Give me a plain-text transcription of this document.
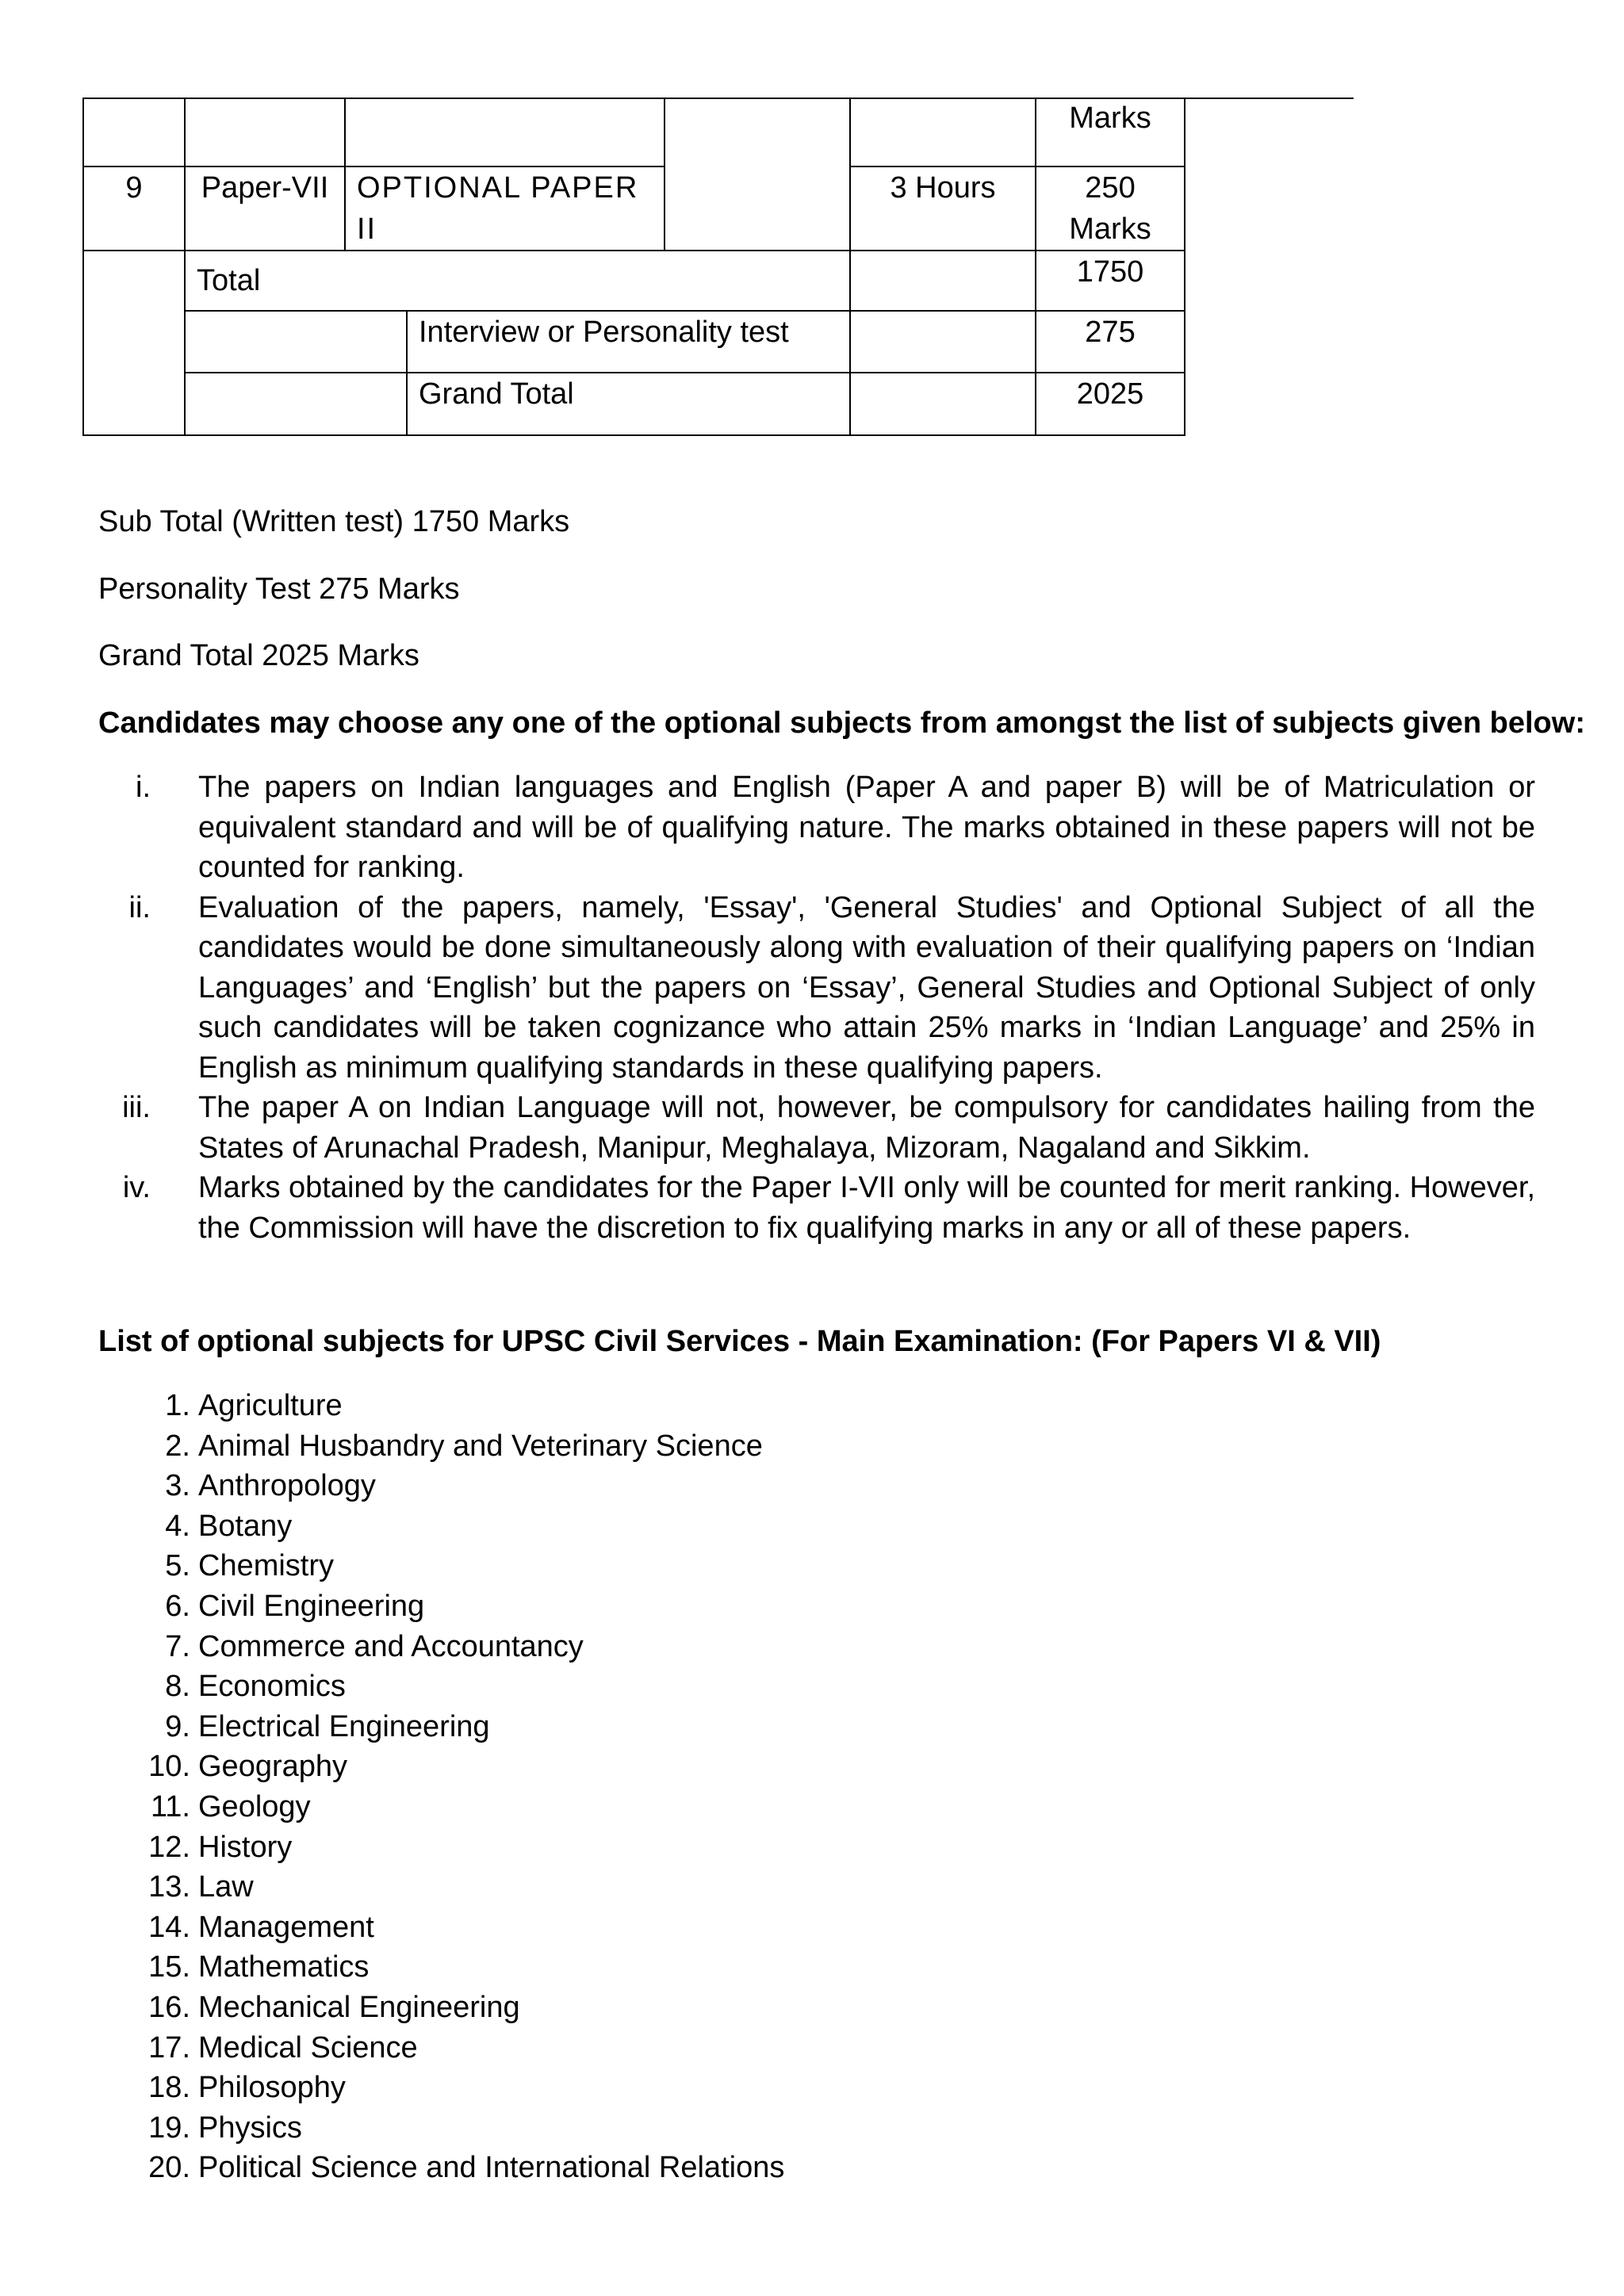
						Marks
9	Paper-VII	OPTIONAL PAPER II			3 Hours	250 Marks
	Total					1750
			Interview or Personality test			275
			Grand Total			2025
Sub Total (Written test) 1750 Marks
Personality Test 275 Marks
Grand Total 2025 Marks
Candidates may choose any one of the optional subjects from amongst the list of subjects given below:
i. The papers on Indian languages and English (Paper A and paper B) will be of Matriculation or equivalent standard and will be of qualifying nature. The marks obtained in these papers will not be counted for ranking.
ii. Evaluation of the papers, namely, 'Essay', 'General Studies' and Optional Subject of all the candidates would be done simultaneously along with evaluation of their qualifying papers on ‘Indian Languages’ and ‘English’ but the papers on ‘Essay’, General Studies and Optional Subject of only such candidates will be taken cognizance who attain 25% marks in ‘Indian Language’ and 25% in English as minimum qualifying standards in these qualifying papers.
iii. The paper A on Indian Language will not, however, be compulsory for candidates hailing from the States of Arunachal Pradesh, Manipur, Meghalaya, Mizoram, Nagaland and Sikkim.
iv. Marks obtained by the candidates for the Paper I-VII only will be counted for merit ranking. However, the Commission will have the discretion to fix qualifying marks in any or all of these papers.
List of optional subjects for UPSC Civil Services - Main Examination: (For Papers VI & VII)
1. Agriculture
2. Animal Husbandry and Veterinary Science
3. Anthropology
4. Botany
5. Chemistry
6. Civil Engineering
7. Commerce and Accountancy
8. Economics
9. Electrical Engineering
10. Geography
11. Geology
12. History
13. Law
14. Management
15. Mathematics
16. Mechanical Engineering
17. Medical Science
18. Philosophy
19. Physics
20. Political Science and International Relations
